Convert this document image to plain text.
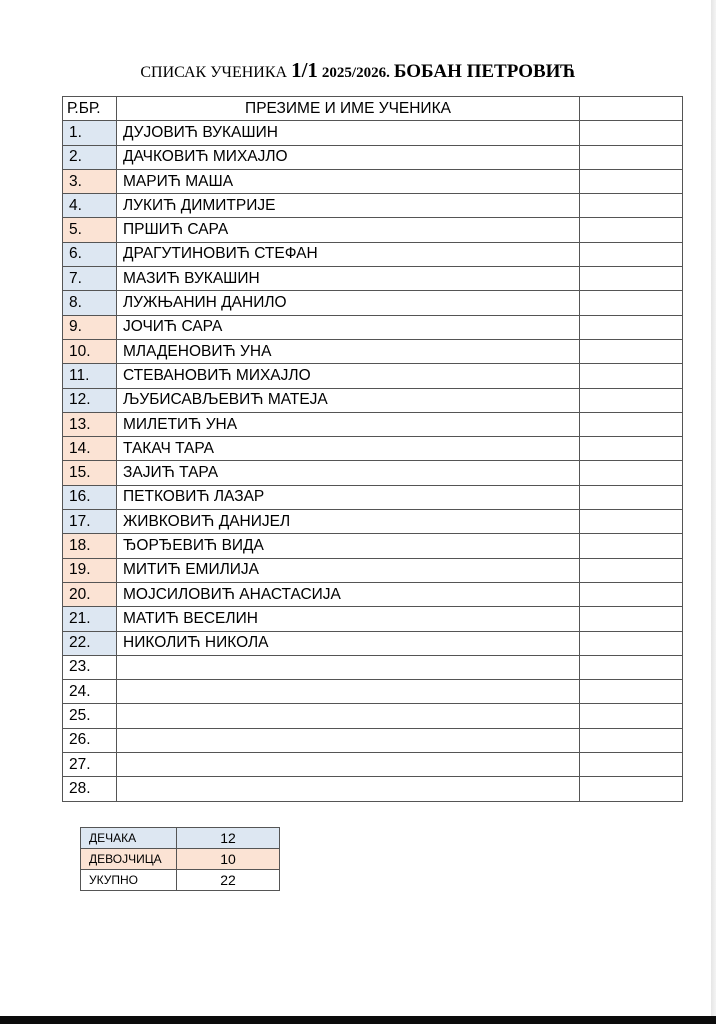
СПИСАК УЧЕНИКА 1/1 2025/2026. БОБАН ПЕТРОВИЋ
Р.БР.	ПРЕЗИМЕ И ИМЕ УЧЕНИКА	
1.	ДУЈОВИЋ ВУКАШИН	
2.	ДАЧКОВИЋ МИХАЈЛО	
3.	МАРИЋ МАША	
4.	ЛУКИЋ ДИМИТРИЈЕ	
5.	ПРШИЋ САРА	
6.	ДРАГУТИНОВИЋ СТЕФАН	
7.	МАЗИЋ ВУКАШИН	
8.	ЛУЖЊАНИН ДАНИЛО	
9.	ЈОЧИЋ САРА	
10.	МЛАДЕНОВИЋ УНА	
11.	СТЕВАНОВИЋ МИХАЈЛО	
12.	ЉУБИСАВЉЕВИЋ МАТЕЈА	
13.	МИЛЕТИЋ УНА	
14.	ТАКАЧ ТАРА	
15.	ЗАЈИЋ ТАРА	
16.	ПЕТКОВИЋ ЛАЗАР	
17.	ЖИВКОВИЋ ДАНИЈЕЛ	
18.	ЂОРЂЕВИЋ ВИДА	
19.	МИТИЋ ЕМИЛИЈА	
20.	МОЈСИЛОВИЋ АНАСТАСИЈА	
21.	МАТИЋ ВЕСЕЛИН	
22.	НИКОЛИЋ НИКОЛА	
23.		
24.		
25.		
26.		
27.		
28.		
ДЕЧАКА	12
ДЕВОЈЧИЦА	10
УКУПНО	22
